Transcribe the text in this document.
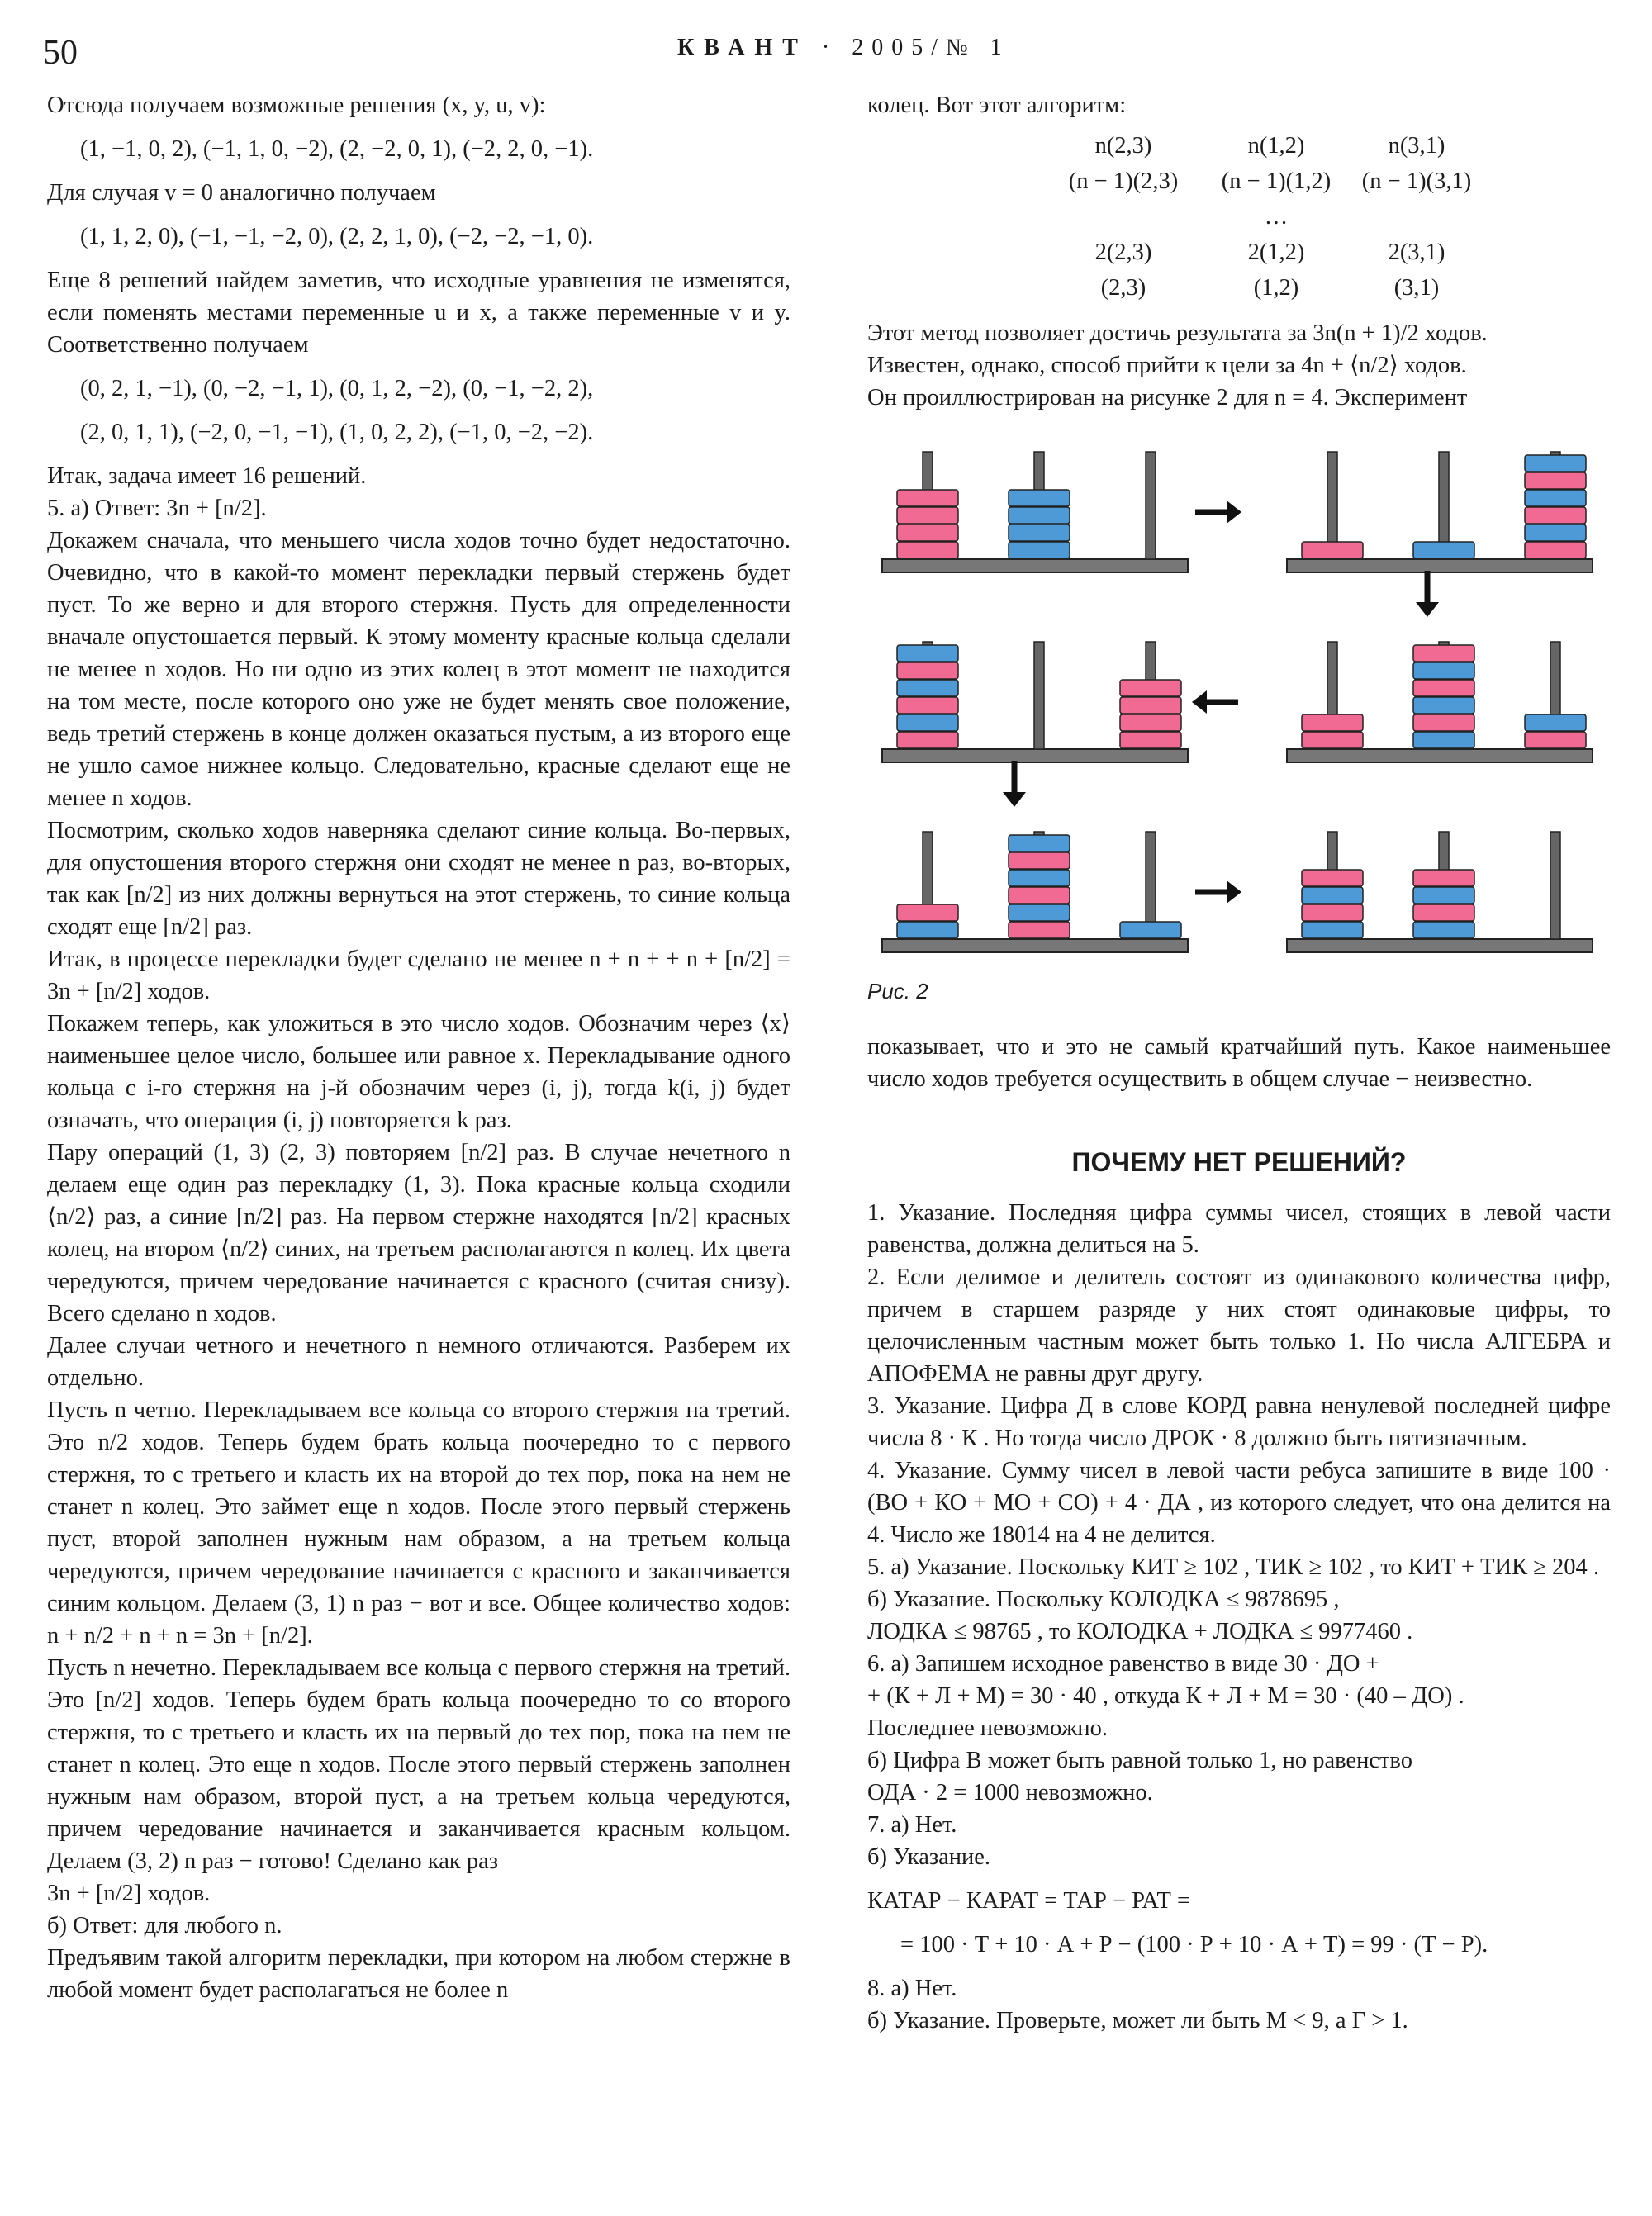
50	КВАНТ · 2005/№ 1

Отсюда получаем возможные решения (x, y, u, v):

(1, −1, 0, 2), (−1, 1, 0, −2), (2, −2, 0, 1), (−2, 2, 0, −1).

Для случая v = 0 аналогично получаем

(1, 1, 2, 0), (−1, −1, −2, 0), (2, 2, 1, 0), (−2, −2, −1, 0).

Еще 8 решений найдем заметив, что исходные уравнения не изменятся, если поменять местами переменные u и x, а также переменные v и y. Соответственно получаем

(0, 2, 1, −1), (0, −2, −1, 1), (0, 1, 2, −2), (0, −1, −2, 2),

(2, 0, 1, 1), (−2, 0, −1, −1), (1, 0, 2, 2), (−1, 0, −2, −2).

Итак, задача имеет 16 решений.

5. а) Ответ: 3n + [n/2].

Докажем сначала, что меньшего числа ходов точно будет недостаточно. Очевидно, что в какой-то момент перекладки первый стержень будет пуст. То же верно и для второго стержня. Пусть для определенности вначале опустошается первый. К этому моменту красные кольца сделали не менее n ходов. Но ни одно из этих колец в этот момент не находится на том месте, после которого оно уже не будет менять свое положение, ведь третий стержень в конце должен оказаться пустым, а из второго еще не ушло самое нижнее кольцо. Следовательно, красные сделают еще не менее n ходов.

Посмотрим, сколько ходов наверняка сделают синие кольца. Во-первых, для опустошения второго стержня они сходят не менее n раз, во-вторых, так как [n/2] из них должны вернуться на этот стержень, то синие кольца сходят еще [n/2] раз.

Итак, в процессе перекладки будет сделано не менее n + n + + n + [n/2] = 3n + [n/2] ходов.

Покажем теперь, как уложиться в это число ходов. Обозначим через ⟨x⟩ наименьшее целое число, большее или равное x. Перекладывание одного кольца с i-го стержня на j-й обозначим через (i, j), тогда k(i, j) будет означать, что операция (i, j) повторяется k раз.

Пару операций (1, 3) (2, 3) повторяем [n/2] раз. В случае нечетного n делаем еще один раз перекладку (1, 3). Пока красные кольца сходили ⟨n/2⟩ раз, а синие [n/2] раз. На первом стержне находятся [n/2] красных колец, на втором ⟨n/2⟩ синих, на третьем располагаются n колец. Их цвета чередуются, причем чередование начинается с красного (считая снизу). Всего сделано n ходов.

Далее случаи четного и нечетного n немного отличаются. Разберем их отдельно.

Пусть n четно. Перекладываем все кольца со второго стержня на третий. Это n/2 ходов. Теперь будем брать кольца поочередно то с первого стержня, то с третьего и класть их на второй до тех пор, пока на нем не станет n колец. Это займет еще n ходов. После этого первый стержень пуст, второй заполнен нужным нам образом, а на третьем кольца чередуются, причем чередование начинается с красного и заканчивается синим кольцом. Делаем (3, 1) n раз − вот и все. Общее количество ходов: n + n/2 + n + n = 3n + [n/2].

Пусть n нечетно. Перекладываем все кольца с первого стержня на третий. Это [n/2] ходов. Теперь будем брать кольца поочередно то со второго стержня, то с третьего и класть их на первый до тех пор, пока на нем не станет n колец. Это еще n ходов. После этого первый стержень заполнен нужным нам образом, второй пуст, а на третьем кольца чередуются, причем чередование начинается и заканчивается красным кольцом. Делаем (3, 2) n раз − готово! Сделано как раз

3n + [n/2] ходов.

б) Ответ: для любого n.

Предъявим такой алгоритм перекладки, при котором на любом стержне в любой момент будет располагаться не более n

колец. Вот этот алгоритм:

n(2,3)	n(1,2)	n(3,1)
(n − 1)(2,3)	(n − 1)(1,2)	(n − 1)(3,1)
…
2(2,3)	2(1,2)	2(3,1)
(2,3)	(1,2)	(3,1)

Этот метод позволяет достичь результата за 3n(n + 1)/2 ходов.

Известен, однако, способ прийти к цели за 4n + ⟨n/2⟩ ходов.

Он проиллюстрирован на рисунке 2 для n = 4. Эксперимент

Рис. 2

показывает, что и это не самый кратчайший путь. Какое наименьшее число ходов требуется осуществить в общем случае − неизвестно.

ПОЧЕМУ НЕТ РЕШЕНИЙ?

1. Указание. Последняя цифра суммы чисел, стоящих в левой части равенства, должна делиться на 5.

2. Если делимое и делитель состоят из одинакового количества цифр, причем в старшем разряде у них стоят одинаковые цифры, то целочисленным частным может быть только 1. Но числа АЛГЕБРА и АПОФЕМА не равны друг другу.

3. Указание. Цифра Д в слове КОРД равна ненулевой последней цифре числа 8 · К . Но тогда число ДРОК · 8 должно быть пятизначным.

4. Указание. Сумму чисел в левой части ребуса запишите в виде 100 · (ВО + КО + МО + СО) + 4 · ДА , из которого следует, что она делится на 4. Число же 18014 на 4 не делится.

5. а) Указание. Поскольку КИТ ≥ 102 , ТИК ≥ 102 , то КИТ + ТИК ≥ 204 .

б) Указание. Поскольку КОЛОДКА ≤ 9878695 ,

ЛОДКА ≤ 98765 , то КОЛОДКА + ЛОДКА ≤ 9977460 .

6. а) Запишем исходное равенство в виде 30 · ДО +

+ (К + Л + М) = 30 · 40 , откуда К + Л + М = 30 · (40 – ДО) .

Последнее невозможно.

б) Цифра В может быть равной только 1, но равенство

ОДА · 2 = 1000 невозможно.

7. а) Нет.

б) Указание.

КАТАР − КАРАТ = ТАР − РАТ =

= 100 · Т + 10 · А + Р − (100 · Р + 10 · А + Т) = 99 · (Т − Р).

8. а) Нет.

б) Указание. Проверьте, может ли быть М < 9, а Г > 1.
